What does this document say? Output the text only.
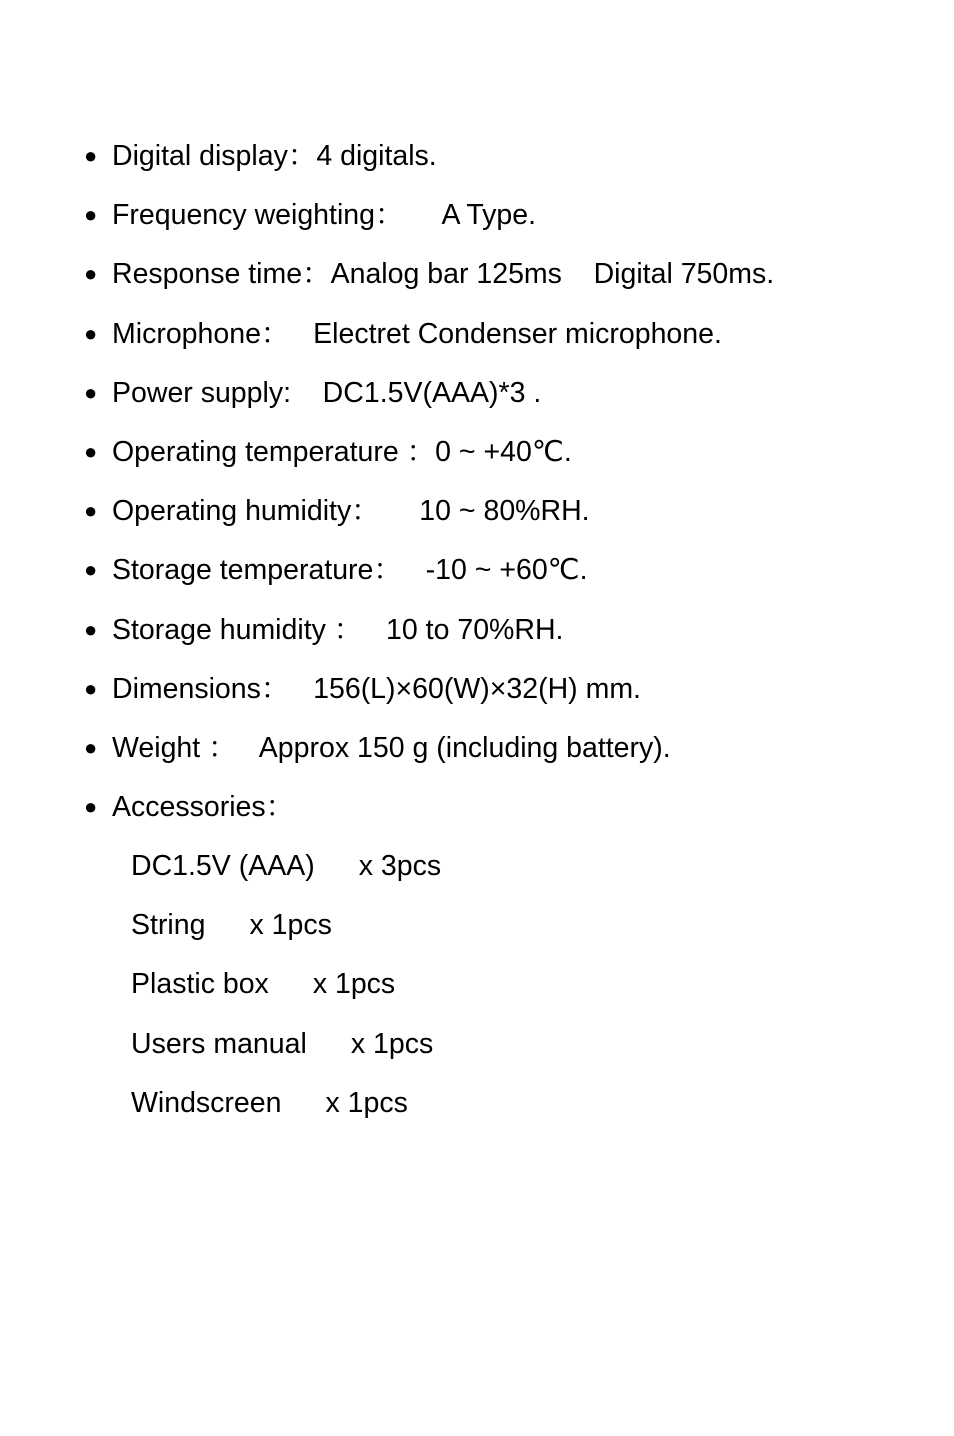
● Digital display：4 digitals.
● Frequency weighting：     A Type.
● Response time：Analog bar 125ms    Digital 750ms.
● Microphone：   Electret Condenser microphone.
● Power supply:    DC1.5V(AAA)*3 .
● Operating temperature ：0 ~ +40℃.
● Operating humidity：     10 ~ 80%RH.
● Storage temperature：   -10 ~ +60℃.
● Storage humidity ：   10 to 70%RH.
● Dimensions：   156(L)×60(W)×32(H) mm.
● Weight ：   Approx 150 g (including battery).
● Accessories：
DC1.5V (AAA) x 3pcs
String x 1pcs
Plastic box x 1pcs
Users manual x 1pcs
Windscreen x 1pcs
